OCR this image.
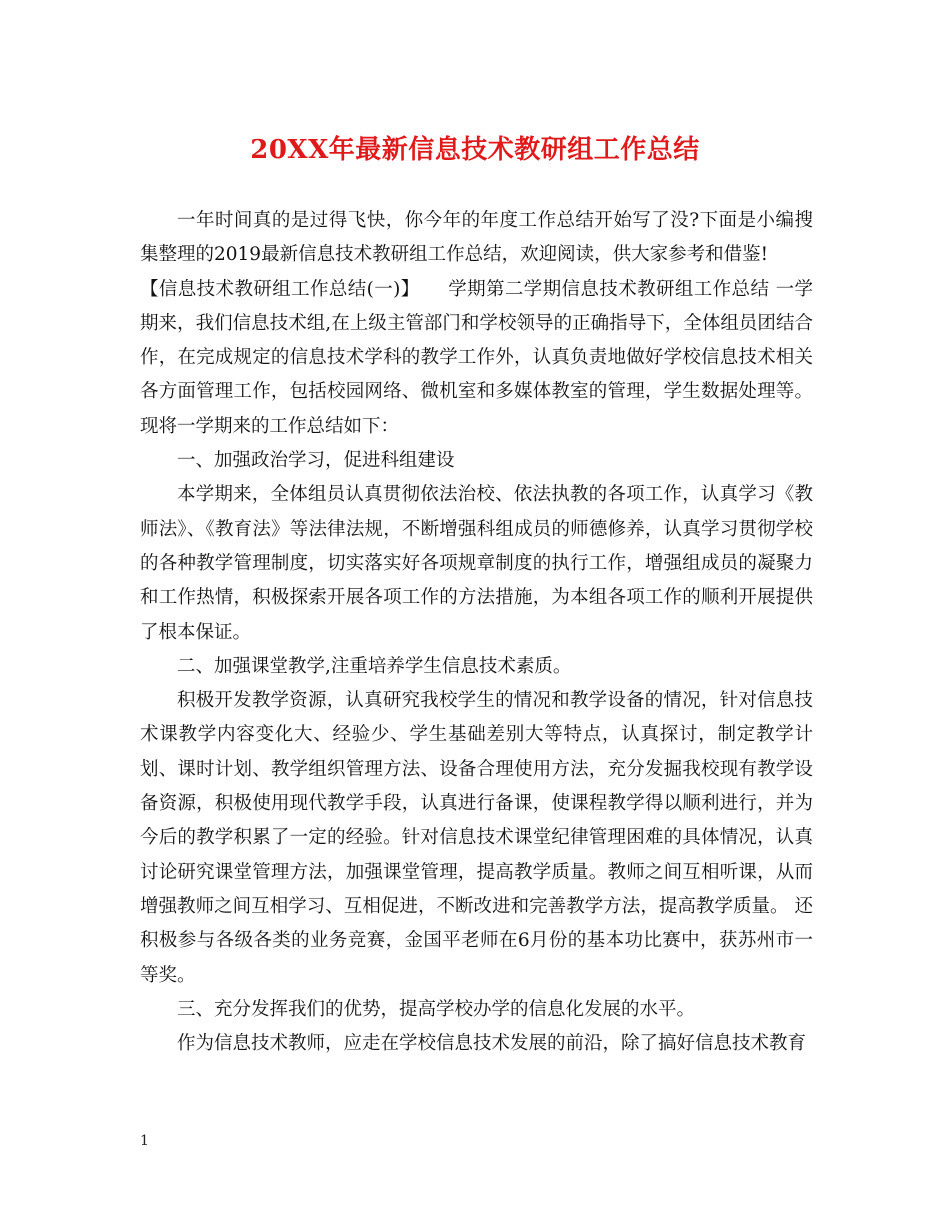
20XX年最新信息技术教研组工作总结

一年时间真的是过得飞快，你今年的年度工作总结开始写了没?下面是小编搜集整理的2019最新信息技术教研组工作总结，欢迎阅读，供大家参考和借鉴!

【信息技术教研组工作总结(一)】　　学期第二学期信息技术教研组工作总结 一学期来，我们信息技术组,在上级主管部门和学校领导的正确指导下，全体组员团结合作，在完成规定的信息技术学科的教学工作外，认真负责地做好学校信息技术相关各方面管理工作，包括校园网络、微机室和多媒体教室的管理，学生数据处理等。 现将一学期来的工作总结如下：

一、加强政治学习，促进科组建设

本学期来，全体组员认真贯彻依法治校、依法执教的各项工作，认真学习《教师法》、《教育法》等法律法规，不断增强科组成员的师德修养，认真学习贯彻学校的各种教学管理制度，切实落实好各项规章制度的执行工作，增强组成员的凝聚力和工作热情，积极探索开展各项工作的方法措施，为本组各项工作的顺利开展提供了根本保证。

二、加强课堂教学,注重培养学生信息技术素质。

积极开发教学资源，认真研究我校学生的情况和教学设备的情况，针对信息技术课教学内容变化大、经验少、学生基础差别大等特点，认真探讨，制定教学计划、课时计划、教学组织管理方法、设备合理使用方法，充分发掘我校现有教学设备资源，积极使用现代教学手段，认真进行备课，使课程教学得以顺利进行，并为今后的教学积累了一定的经验。针对信息技术课堂纪律管理困难的具体情况，认真讨论研究课堂管理方法，加强课堂管理，提高教学质量。教师之间互相听课，从而增强教师之间互相学习、互相促进，不断改进和完善教学方法，提高教学质量。 还积极参与各级各类的业务竞赛，金国平老师在6月份的基本功比赛中，获苏州市一等奖。

三、充分发挥我们的优势，提高学校办学的信息化发展的水平。

作为信息技术教师，应走在学校信息技术发展的前沿，除了搞好信息技术教育

1
